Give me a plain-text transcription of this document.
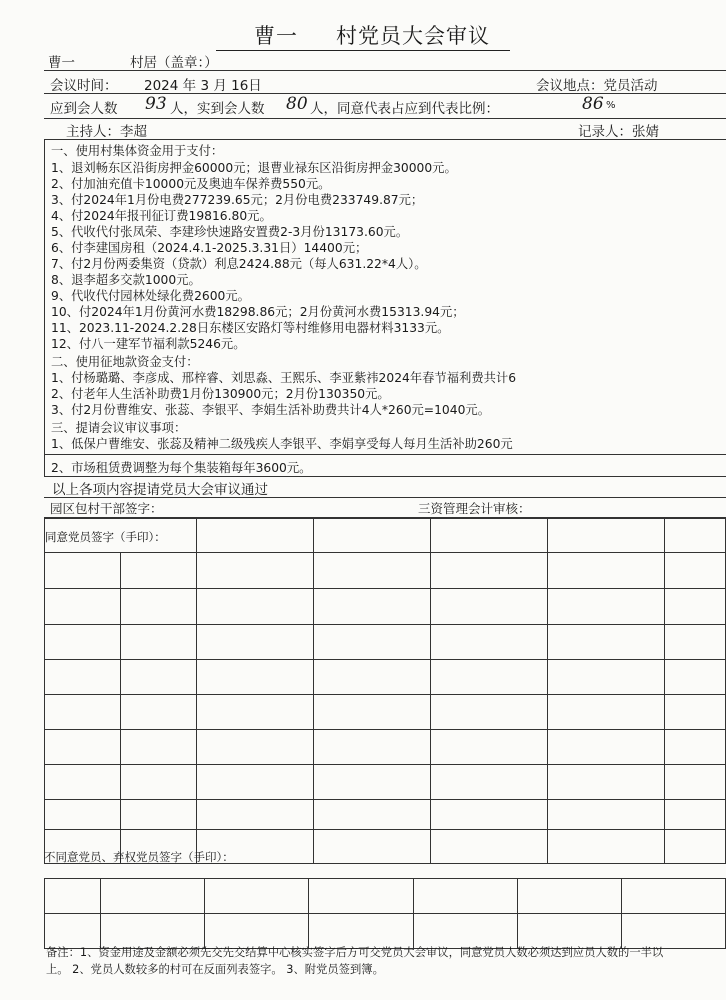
曹一 村党员大会审议
曹一	村居（盖章：）
会议时间： 2024 年 3 月 16日	会议地点：党员活动
应到会人数 93 人，实到会人数 80 人，同意代表占应到代表比例：	86 %
主持人：李超	记录人：张婧
一、使用村集体资金用于支付：
1、退刘畅东区沿街房押金60000元；退曹业禄东区沿街房押金30000元。
2、付加油充值卡10000元及奥迪车保养费550元。
3、付2024年1月份电费277239.65元；2月份电费233749.87元；
4、付2024年报刊征订费19816.80元。
5、代收代付张凤荣、李建珍快速路安置费2-3月份13173.60元。
6、付李建国房租（2024.4.1-2025.3.31日）14400元；
7、付2月份两委集资（贷款）利息2424.88元（每人631.22*4人）。
8、退李超多交款1000元。
9、代收代付园林处绿化费2600元。
10、付2024年1月份黄河水费18298.86元；2月份黄河水费15313.94元；
11、2023.11-2024.2.28日东楼区安路灯等村维修用电器材料3133元。
12、付八一建军节福利款5246元。
二、使用征地款资金支付：
1、付杨璐璐、李彦成、邢梓睿、刘思淼、王熙乐、李亚紫祎2024年春节福利费共计6
2、付老年人生活补助费1月份130900元；2月份130350元。
3、付2月份曹维安、张蕊、李银平、李娟生活补助费共计4人*260元=1040元。
三、提请会议审议事项：
1、低保户曹维安、张蕊及精神二级残疾人李银平、李娟享受每人每月生活补助260元
2、市场租赁费调整为每个集装箱每年3600元。
以上各项内容提请党员大会审议通过
园区包村干部签字：	三资管理会计审核：
同意党员签字（手印）：						

不同意党员、弃权党员签字（手印）：

备注：1、资金用途及金额必须先交先交结算中心核实签字后方可交党员大会审议，同意党员人数必须达到应员人数的一半以上。 2、党员人数较多的村可在反面列表签字。 3、附党员签到簿。
